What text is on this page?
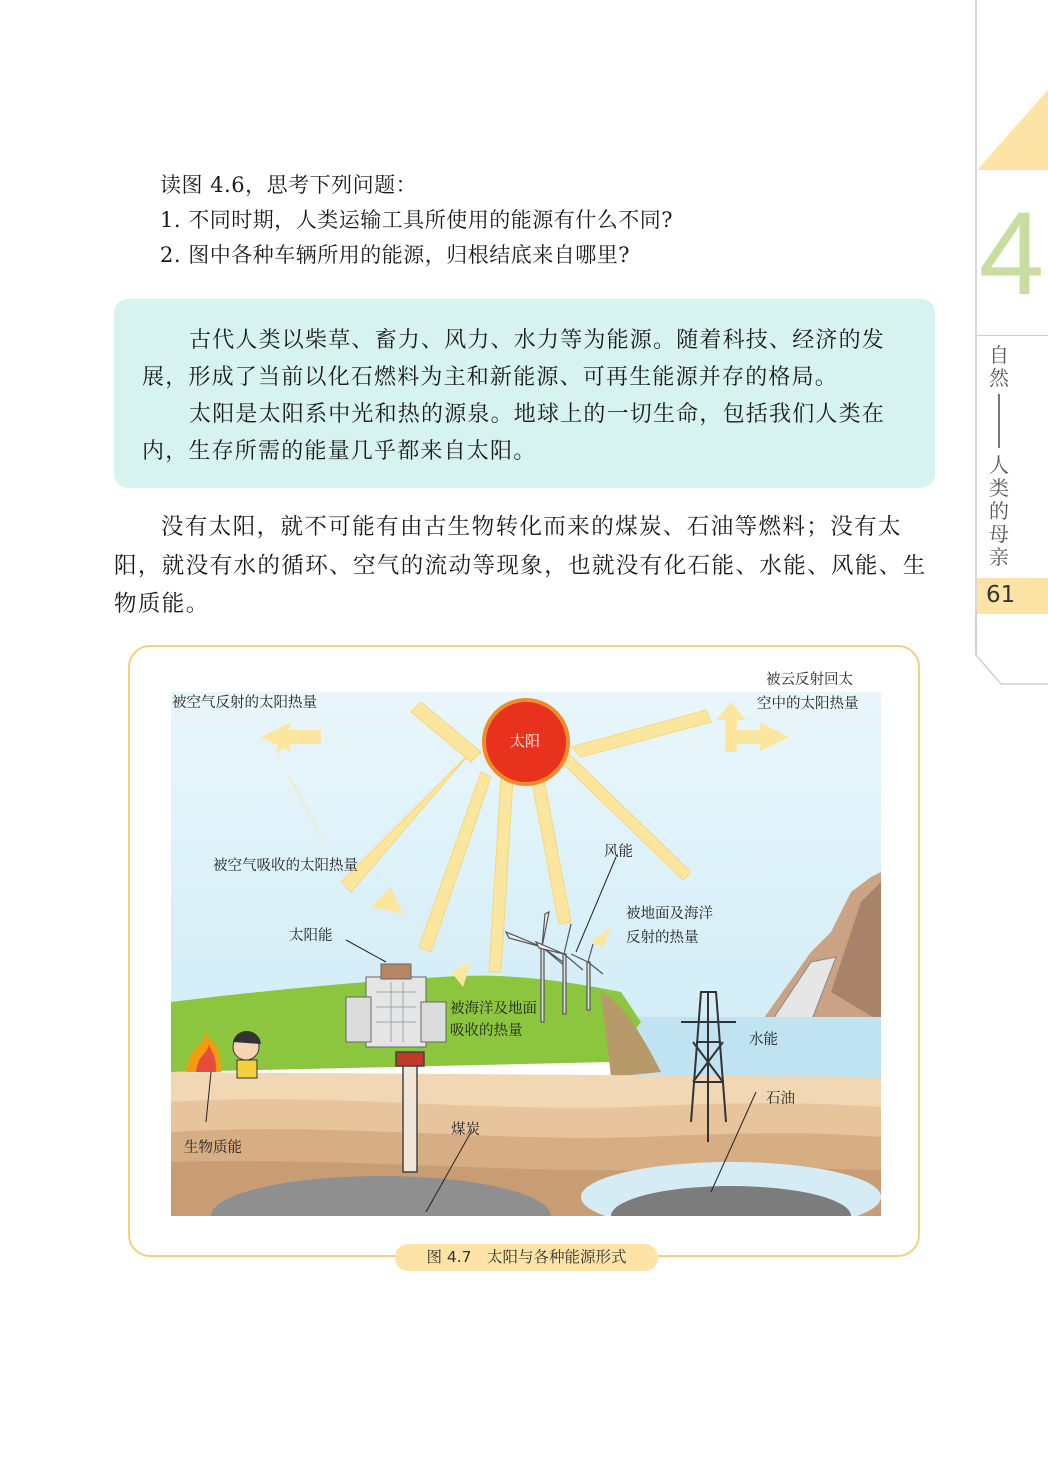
4
自然
人类的母亲
61
读图 4.6，思考下列问题：
1. 不同时期，人类运输工具所使用的能源有什么不同?
2. 图中各种车辆所用的能源，归根结底来自哪里?

古代人类以柴草、畜力、风力、水力等为能源。随着科技、经济的发展，形成了当前以化石燃料为主和新能源、可再生能源并存的格局。

太阳是太阳系中光和热的源泉。地球上的一切生命，包括我们人类在内，生存所需的能量几乎都来自太阳。

没有太阳，就不可能有由古生物转化而来的煤炭、石油等燃料；没有太阳，就没有水的循环、空气的流动等现象，也就没有化石能、水能、风能、生物质能。

被空气反射的太阳热量
被云反射回太
空中的太阳热量
太阳
被空气吸收的太阳热量
风能
被地面及海洋
反射的热量
太阳能
被海洋及地面
吸收的热量
水能
石油
煤炭
生物质能
图 4.7　太阳与各种能源形式
